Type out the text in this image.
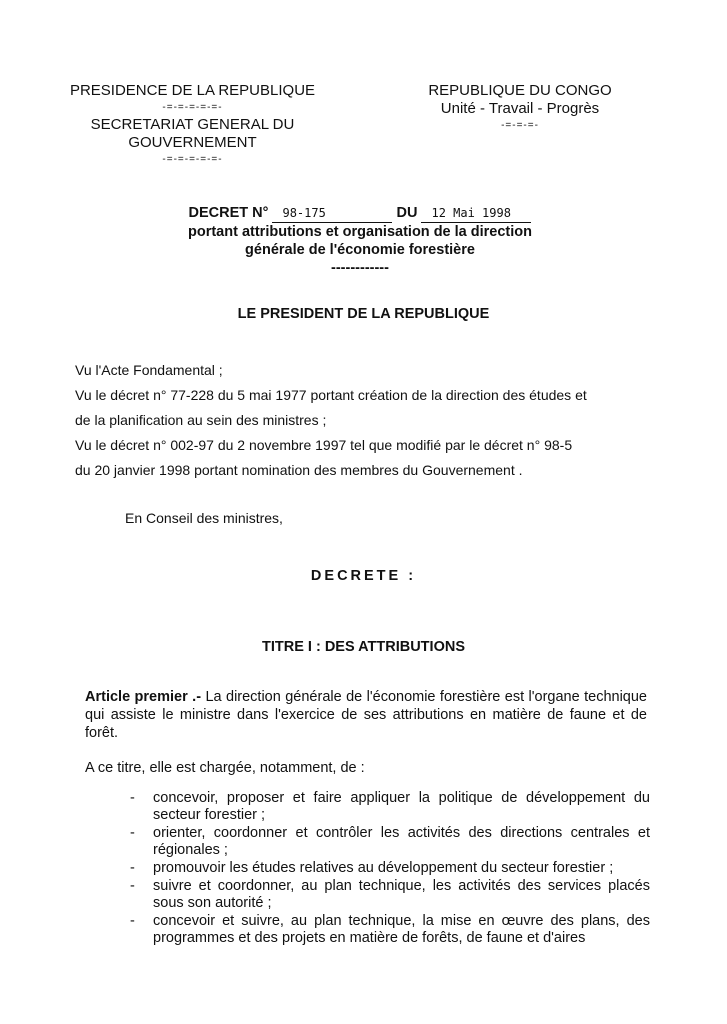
PRESIDENCE DE LA REPUBLIQUE
-=-=-=-=-=-
SECRETARIAT GENERAL DU
GOUVERNEMENT
-=-=-=-=-=-
REPUBLIQUE DU CONGO
Unité - Travail - Progrès
-=-=-=-
DECRET N° 98-175	DU 12 Mai 1998
portant attributions et organisation de la direction
générale de l'économie forestière
------------
LE PRESIDENT DE LA REPUBLIQUE

Vu l'Acte Fondamental ;

Vu le décret n° 77-228 du 5 mai 1977 portant création de la direction des études et

de la planification au sein des ministres ;

Vu le décret n° 002-97 du 2 novembre 1997 tel que modifié par le décret n° 98-5

du 20 janvier 1998 portant nomination des membres du Gouvernement .

En Conseil des ministres,
DECRETE :
TITRE I : DES ATTRIBUTIONS
Article premier .- La direction générale de l'économie forestière est l'organe technique qui assiste le ministre dans l'exercice de ses attributions en matière de faune et de forêt.
A ce titre, elle est chargée, notamment, de :
- concevoir, proposer et faire appliquer la politique de développement du secteur forestier ;
- orienter, coordonner et contrôler les activités des directions centrales et régionales ;
- promouvoir les études relatives au développement du secteur forestier ;
- suivre et coordonner, au plan technique, les activités des services placés sous son autorité ;
- concevoir et suivre, au plan technique, la mise en œuvre des plans, des programmes et des projets en matière de forêts, de faune et d'aires
